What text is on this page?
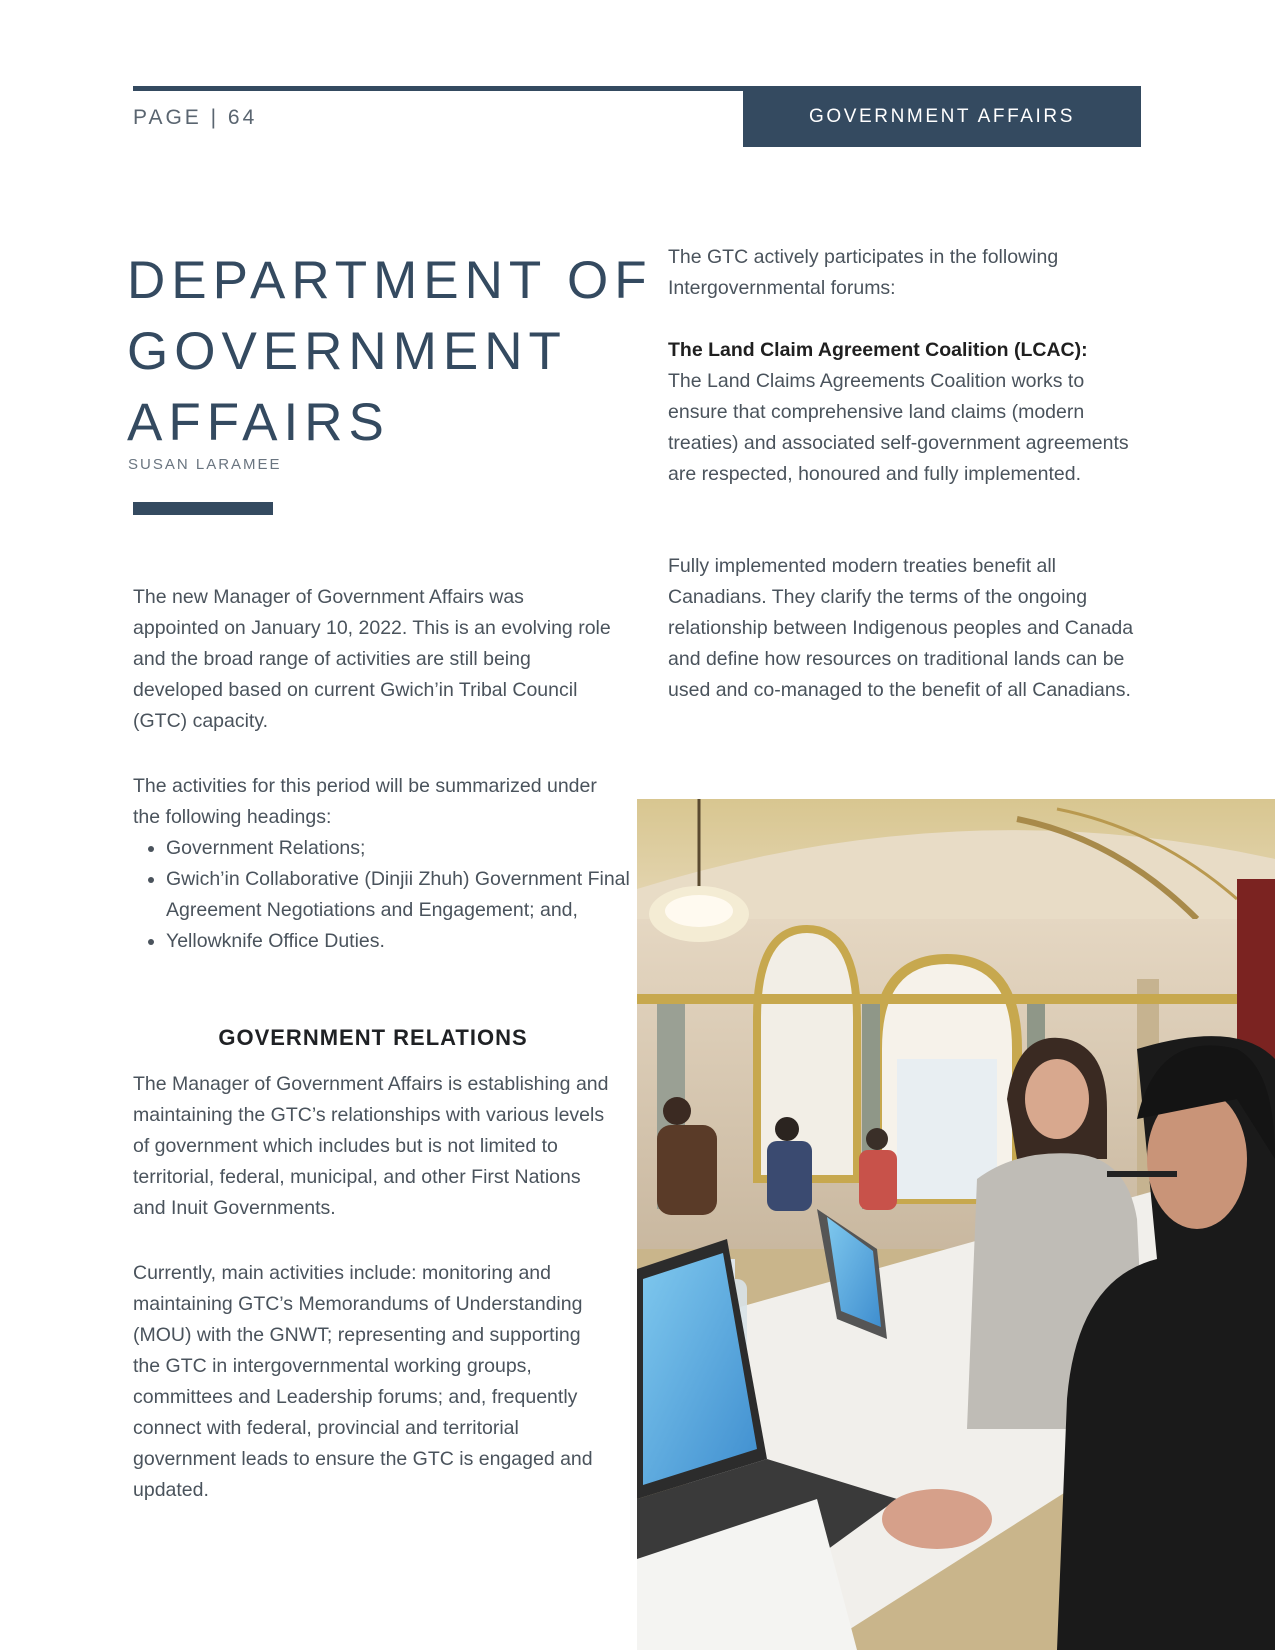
PAGE | 64	GOVERNMENT AFFAIRS
DEPARTMENT OF
GOVERNMENT
AFFAIRS
SUSAN LARAMEE

The new Manager of Government Affairs was appointed on January 10, 2022. This is an evolving role and the broad range of activities are still being developed based on current Gwich’in Tribal Council (GTC) capacity.

The activities for this period will be summarized under the following headings:

• Government Relations;
• Gwich’in Collaborative (Dinjii Zhuh) Government Final Agreement Negotiations and Engagement; and,
• Yellowknife Office Duties.
GOVERNMENT RELATIONS

The Manager of Government Affairs is establishing and maintaining the GTC’s relationships with various levels of government which includes but is not limited to territorial, federal, municipal, and other First Nations and Inuit Governments.

Currently, main activities include: monitoring and maintaining GTC’s Memorandums of Understanding (MOU) with the GNWT; representing and supporting the GTC in intergovernmental working groups, committees and Leadership forums; and, frequently connect with federal, provincial and territorial government leads to ensure the GTC is engaged and updated.

The GTC actively participates in the following Intergovernmental forums:

The Land Claim Agreement Coalition (LCAC):
The Land Claims Agreements Coalition works to ensure that comprehensive land claims (modern treaties) and associated self-government agreements are respected, honoured and fully implemented.

Fully implemented modern treaties benefit all Canadians. They clarify the terms of the ongoing relationship between Indigenous peoples and Canada and define how resources on traditional lands can be used and co-managed to the benefit of all Canadians.
